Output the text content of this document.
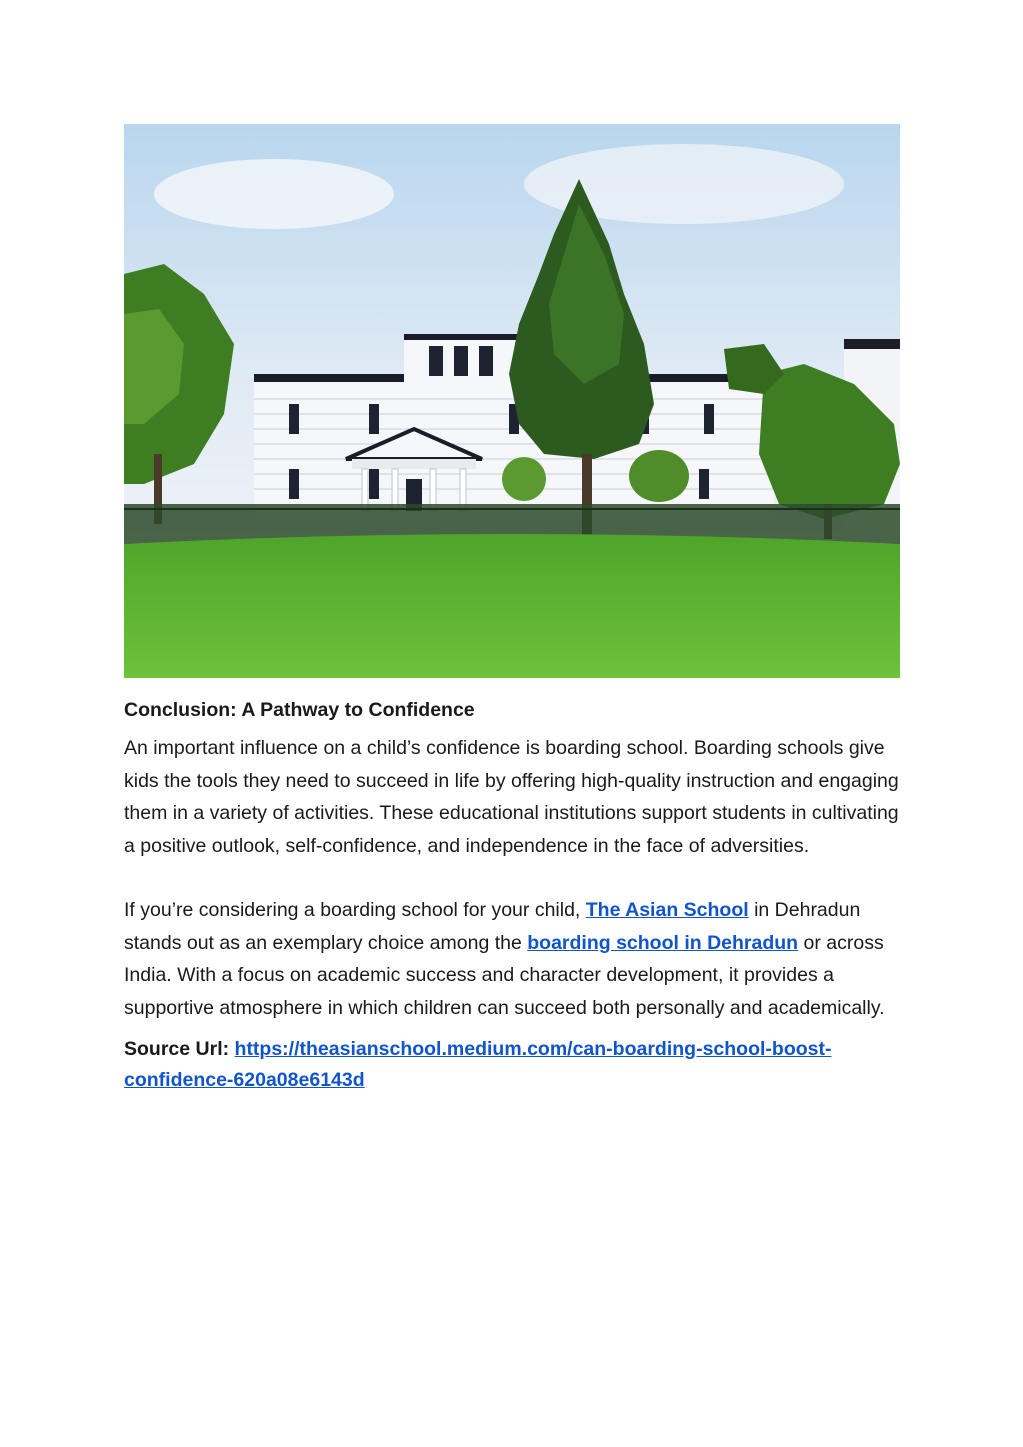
Conclusion: A Pathway to Confidence

An important influence on a child’s confidence is boarding school. Boarding schools give kids the tools they need to succeed in life by offering high-quality instruction and engaging them in a variety of activities. These educational institutions support students in cultivating a positive outlook, self-confidence, and independence in the face of adversities.

If you’re considering a boarding school for your child, The Asian School in Dehradun stands out as an exemplary choice among the boarding school in Dehradun or across India. With a focus on academic success and character development, it provides a supportive atmosphere in which children can succeed both personally and academically.

Source Url: https://theasianschool.medium.com/can-boarding-school-boost-
confidence-620a08e6143d
